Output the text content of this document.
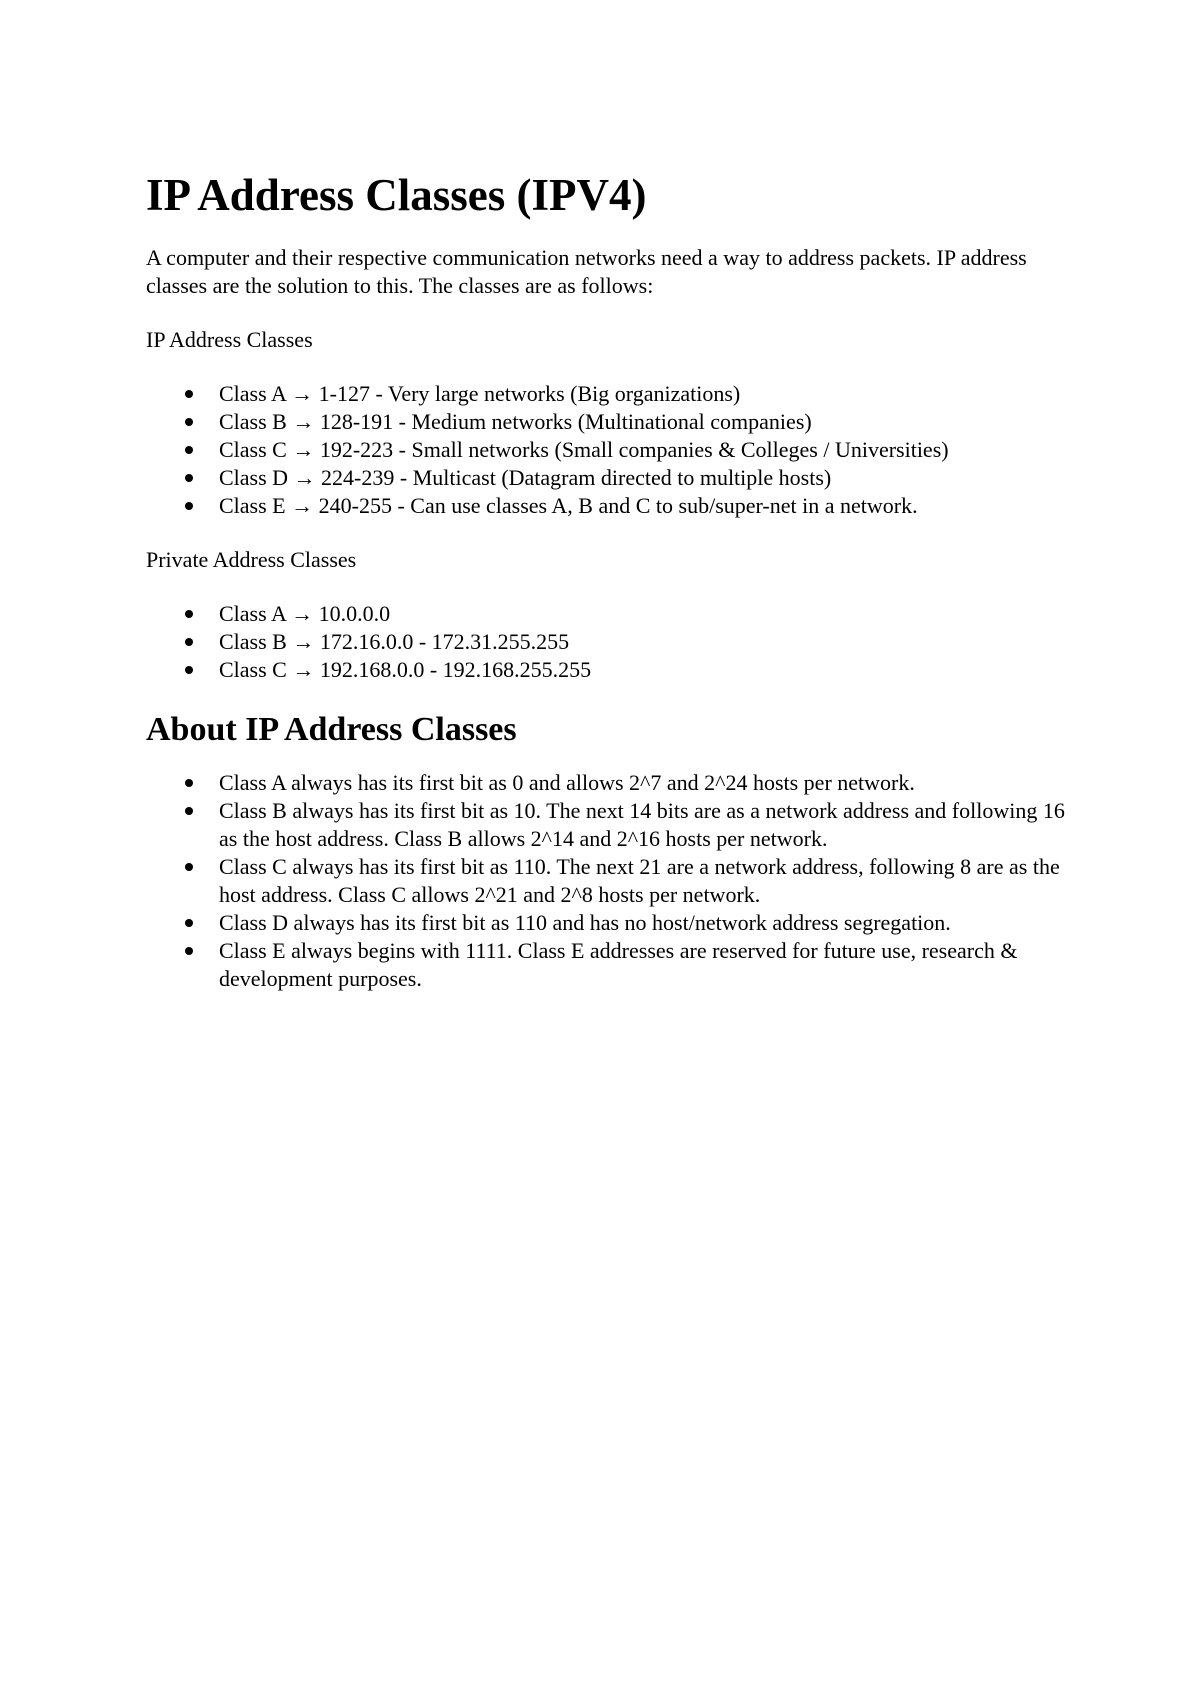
IP Address Classes (IPV4)

A computer and their respective communication networks need a way to address packets. IP address classes are the solution to this. The classes are as follows:

IP Address Classes

Class A → 1-127 - Very large networks (Big organizations)
Class B → 128-191 - Medium networks (Multinational companies)
Class C → 192-223 - Small networks (Small companies & Colleges / Universities)
Class D → 224-239 - Multicast (Datagram directed to multiple hosts)
Class E → 240-255 - Can use classes A, B and C to sub/super-net in a network.

Private Address Classes

Class A → 10.0.0.0
Class B → 172.16.0.0 - 172.31.255.255
Class C → 192.168.0.0 - 192.168.255.255
About IP Address Classes
Class A always has its first bit as 0 and allows 2^7 and 2^24 hosts per network.
Class B always has its first bit as 10. The next 14 bits are as a network address and following 16 as the host address. Class B allows 2^14 and 2^16 hosts per network.
Class C always has its first bit as 110. The next 21 are a network address, following 8 are as the host address. Class C allows 2^21 and 2^8 hosts per network.
Class D always has its first bit as 110 and has no host/network address segregation.
Class E always begins with 1111. Class E addresses are reserved for future use, research & development purposes.
